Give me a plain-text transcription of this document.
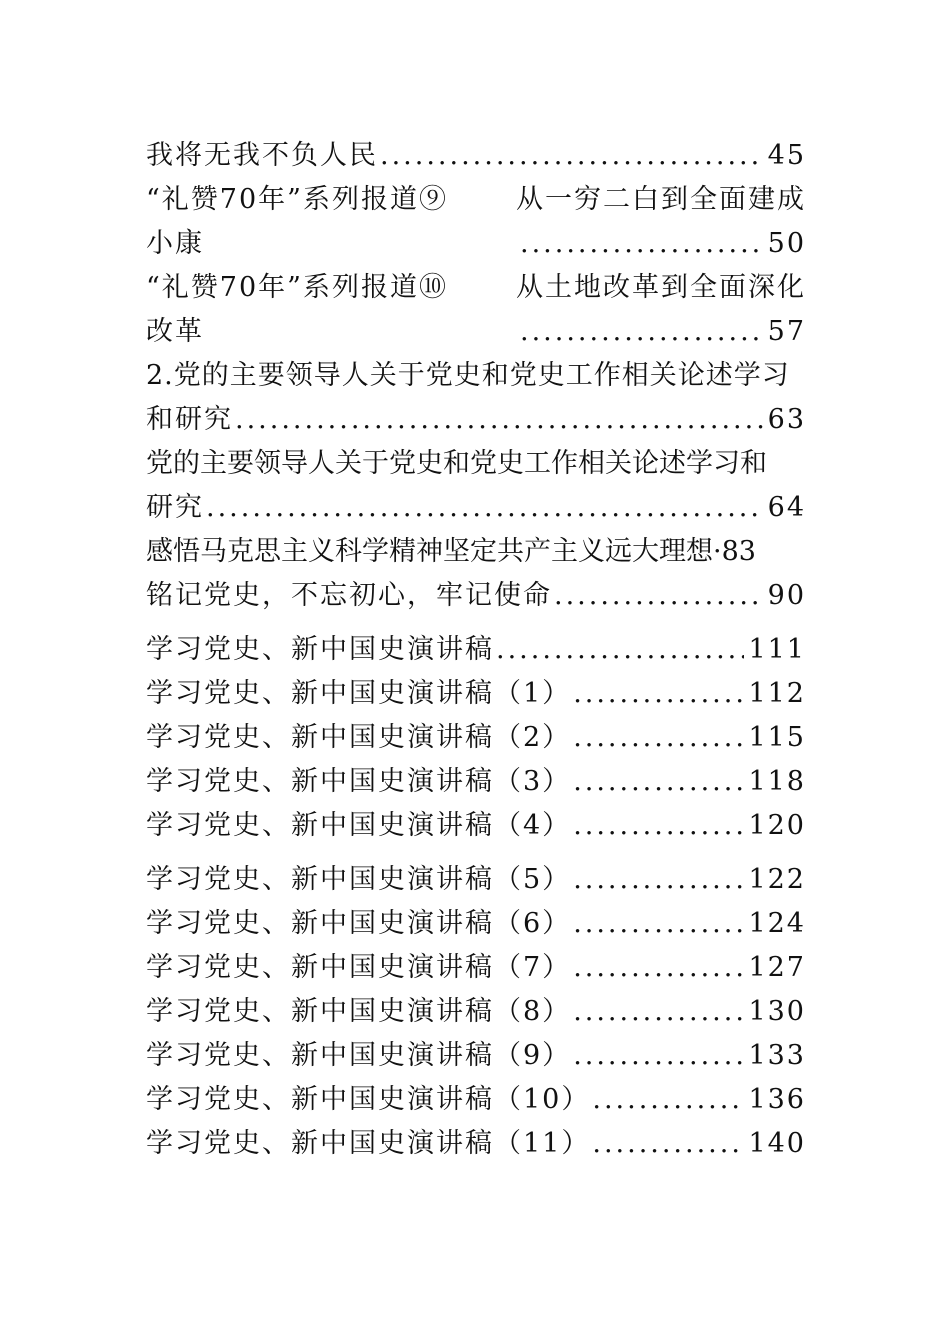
我将无我不负人民 .....	45
“礼赞70年”系列报道⑨	从一穷二白到全面建成
小康 .....	50
“礼赞70年”系列报道⑩	从土地改革到全面深化
改革 .....	57
2.党的主要领导人关于党史和党史工作相关论述学习
和研究 .....	63
党的主要领导人关于党史和党史工作相关论述学习和
研究 .....	64
感悟马克思主义科学精神坚定共产主义远大理想·83
铭记党史，不忘初心，牢记使命 .....	90
学习党史、新中国史演讲稿 .....	111
学习党史、新中国史演讲稿（1） .....	112
学习党史、新中国史演讲稿（2） .....	115
学习党史、新中国史演讲稿（3） .....	118
学习党史、新中国史演讲稿（4） .....	120
学习党史、新中国史演讲稿（5） .....	122
学习党史、新中国史演讲稿（6） .....	124
学习党史、新中国史演讲稿（7） .....	127
学习党史、新中国史演讲稿（8） .....	130
学习党史、新中国史演讲稿（9） .....	133
学习党史、新中国史演讲稿（10） .....	136
学习党史、新中国史演讲稿（11） .....	140
